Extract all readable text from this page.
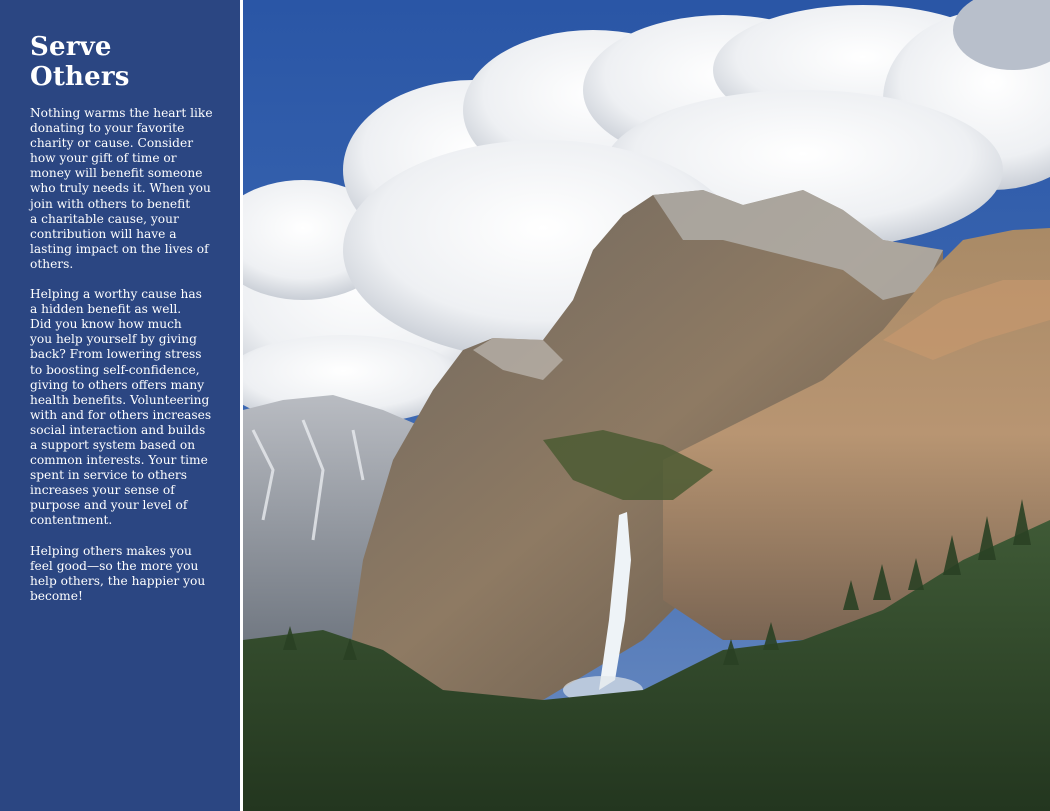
Serve Others

Nothing warms the heart like
donating to your favorite
charity or cause. Consider
how your gift of time or
money will benefit someone
who truly needs it. When you
join with others to benefit
a charitable cause, your
contribution will have a
lasting impact on the lives of
others.

Helping a worthy cause has
a hidden benefit as well.
Did you know how much
you help yourself by giving
back? From lowering stress
to boosting self-confidence,
giving to others offers many
health benefits. Volunteering
with and for others increases
social interaction and builds
a support system based on
common interests. Your time
spent in service to others
increases your sense of
purpose and your level of
contentment.

Helping others makes you
feel good—so the more you
help others, the happier you
become!
